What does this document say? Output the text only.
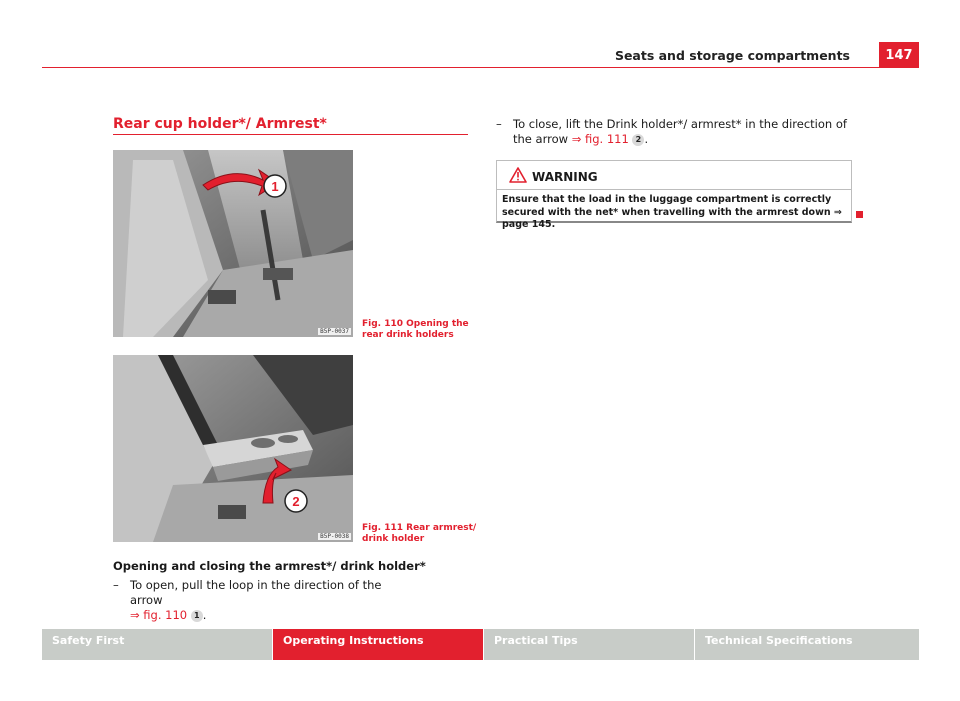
Seats and storage compartments	147
Rear cup holder*/ Armrest*
1
B5P-0037
Fig. 110 Opening the
rear drink holders
2
B5P-0038
Fig. 111 Rear armrest/
drink holder
Opening and closing the armrest*/ drink holder*
– To open, pull the loop in the direction of the arrow
⇒ fig. 110 1 .
– To close, lift the Drink holder*/ armrest* in the direction of the arrow ⇒ fig. 111 2 .
WARNING
Ensure that the load in the luggage compartment is correctly secured with the net* when travelling with the armrest down ⇒ page 145.
Safety First	Operating Instructions	Practical Tips	Technical Specifications
